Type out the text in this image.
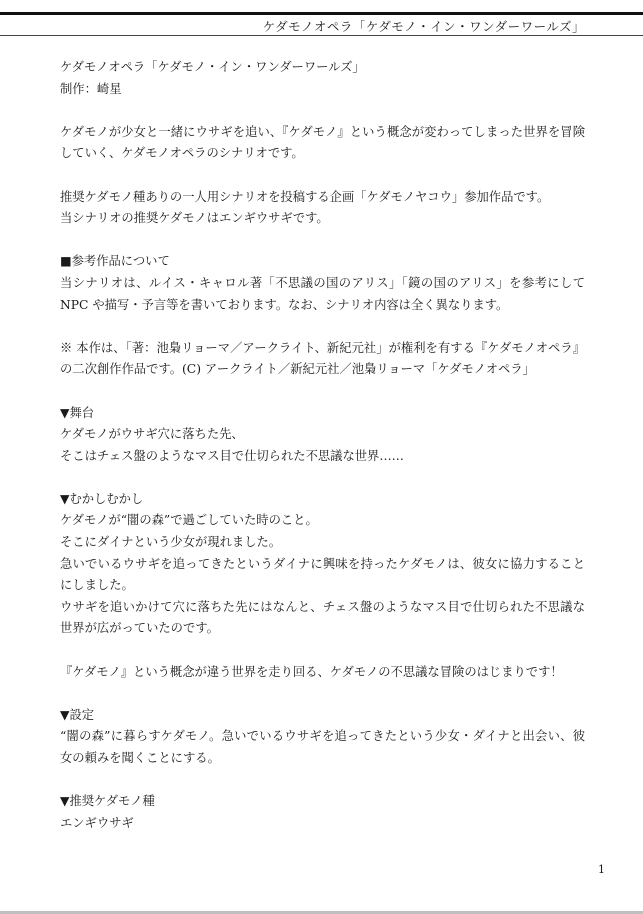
ケダモノオペラ「ケダモノ・イン・ワンダーワールズ」
ケダモノオペラ「ケダモノ・イン・ワンダーワールズ」
制作：崎星
ケダモノが少女と一緒にウサギを追い、『ケダモノ』という概念が変わってしまった世界を冒険
していく、ケダモノオペラのシナリオです。
推奨ケダモノ種ありの一人用シナリオを投稿する企画「ケダモノヤコウ」参加作品です。
当シナリオの推奨ケダモノはエンギウサギです。
■参考作品について
当シナリオは、ルイス・キャロル著「不思議の国のアリス」「鏡の国のアリス」を参考にして
NPC や描写・予言等を書いております。なお、シナリオ内容は全く異なります。
※ 本作は、「著：池梟リョーマ／アークライト、新紀元社」が権利を有する『ケダモノオペラ』
の二次創作作品です。(C) アークライト／新紀元社／池梟リョーマ「ケダモノオペラ」
▼舞台
ケダモノがウサギ穴に落ちた先、
そこはチェス盤のようなマス目で仕切られた不思議な世界……
▼むかしむかし
ケダモノが“闇の森”で過ごしていた時のこと。
そこにダイナという少女が現れました。
急いでいるウサギを追ってきたというダイナに興味を持ったケダモノは、彼女に協力すること
にしました。
ウサギを追いかけて穴に落ちた先にはなんと、チェス盤のようなマス目で仕切られた不思議な
世界が広がっていたのです。
『ケダモノ』という概念が違う世界を走り回る、ケダモノの不思議な冒険のはじまりです！
▼設定
“闇の森”に暮らすケダモノ。急いでいるウサギを追ってきたという少女・ダイナと出会い、彼
女の頼みを聞くことにする。
▼推奨ケダモノ種
エンギウサギ
1
